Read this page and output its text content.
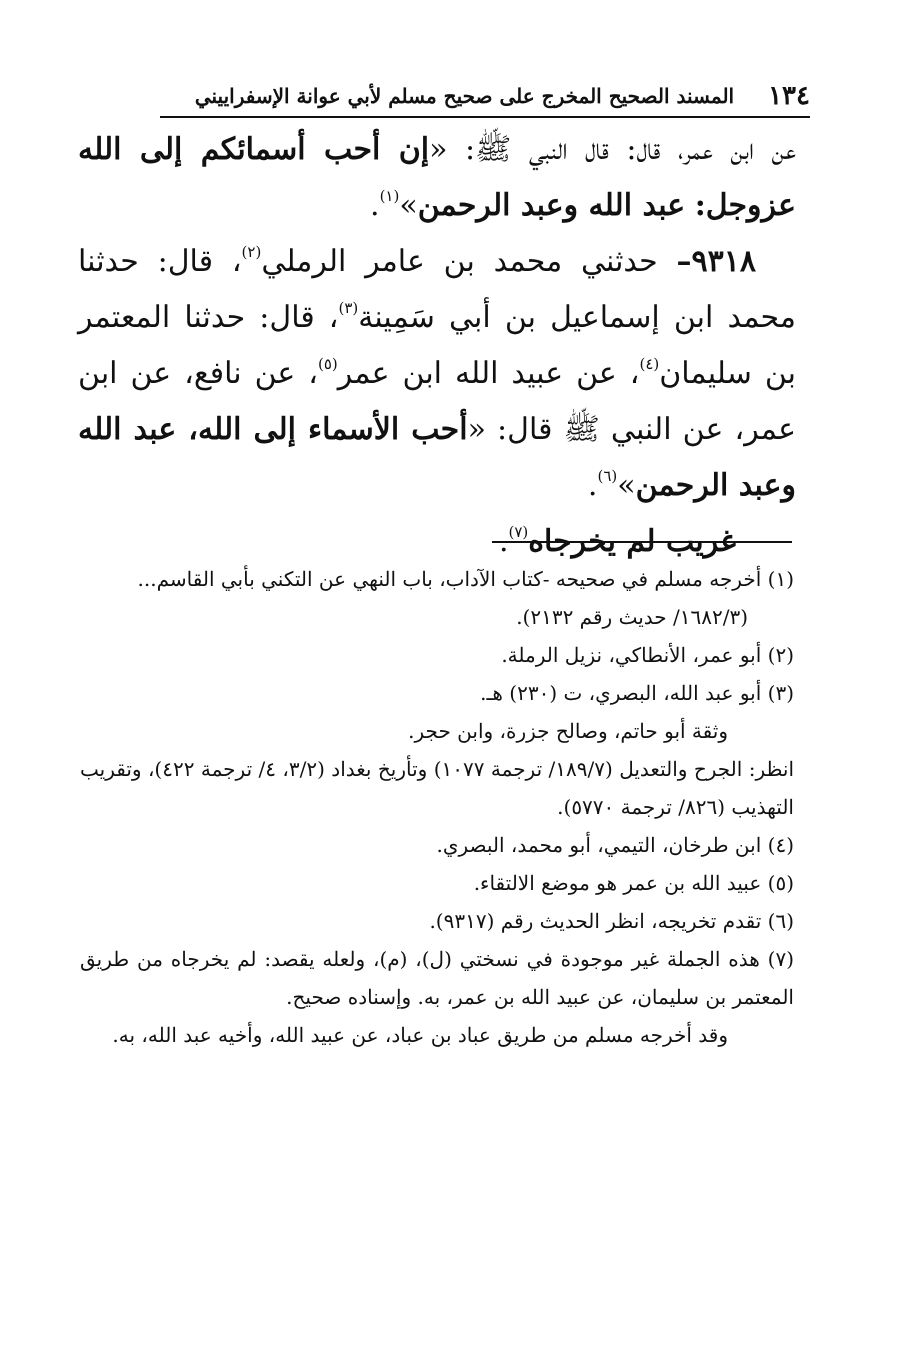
١٣٤
المسند الصحيح المخرج على صحيح مسلم لأبي عوانة الإسفراييني

عن ابن عمر، قال: قال النبي ﷺ: «إن أحب أسمائكم إلى الله عزوجل: عبد الله وعبد الرحمن»$^{(١)}$.

٩٣١٨– حدثني محمد بن عامر الرملي$^{(٢)}$، قال: حدثنا محمد ابن إسماعيل بن أبي سَمِينة$^{(٣)}$، قال: حدثنا المعتمر بن سليمان$^{(٤)}$، عن عبيد الله ابن عمر$^{(٥)}$، عن نافع، عن ابن عمر، عن النبي ﷺ قال: «أحب الأسماء إلى الله، عبد الله وعبد الرحمن»$^{(٦)}$.

غريب لم يخرجاه$^{(٧)}$.

(١) أخرجه مسلم في صحيحه -كتاب الآداب، باب النهي عن التكني بأبي القاسم...

(١٦٨٢/٣/ حديث رقم ٢١٣٢).

(٢) أبو عمر، الأنطاكي، نزيل الرملة.

(٣) أبو عبد الله، البصري، ت (٢٣٠) هـ.

وثقة أبو حاتم، وصالح جزرة، وابن حجر.

انظر: الجرح والتعديل (١٨٩/٧/ ترجمة ١٠٧٧) وتأريخ بغداد (٣/٢، ٤/ ترجمة ٤٢٢)، وتقريب التهذيب (٨٢٦/ ترجمة ٥٧٧٠).

(٤) ابن طرخان، التيمي، أبو محمد، البصري.

(٥) عبيد الله بن عمر هو موضع الالتقاء.

(٦) تقدم تخريجه، انظر الحديث رقم (٩٣١٧).

(٧) هذه الجملة غير موجودة في نسختي (ل)، (م)، ولعله يقصد: لم يخرجاه من طريق المعتمر بن سليمان، عن عبيد الله بن عمر، به. وإسناده صحيح.

وقد أخرجه مسلم من طريق عباد بن عباد، عن عبيد الله، وأخيه عبد الله، به.
